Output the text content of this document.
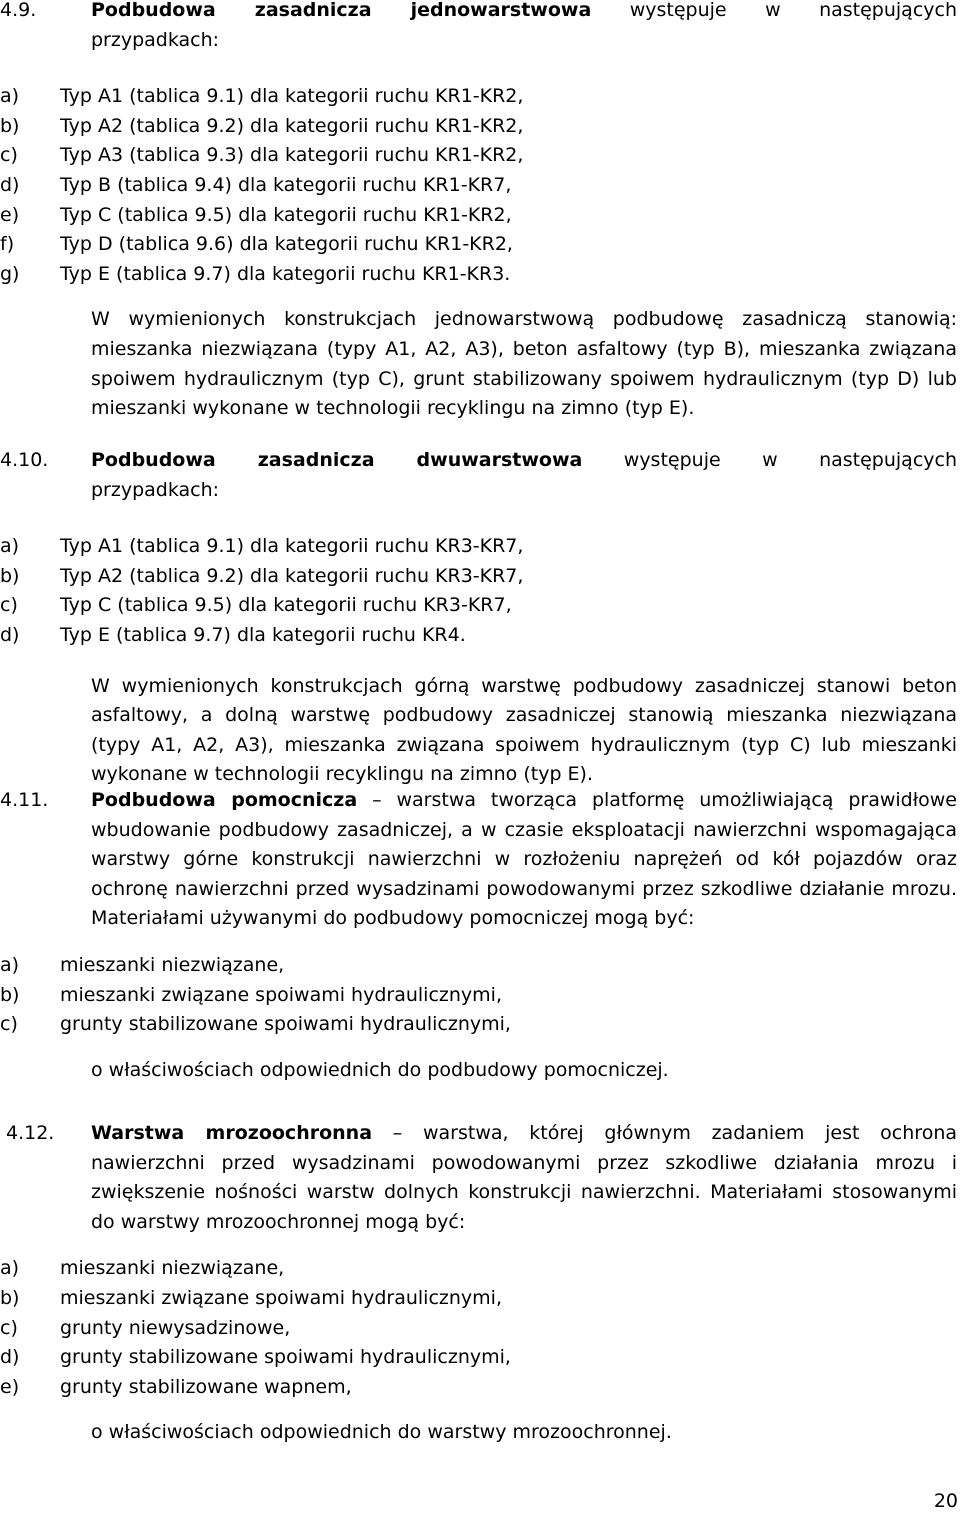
4.9.	Podbudowa zasadnicza jednowarstwowa występuje w następujących przypadkach:
a) Typ A1 (tablica 9.1) dla kategorii ruchu KR1-KR2,
b) Typ A2 (tablica 9.2) dla kategorii ruchu KR1-KR2,
c) Typ A3 (tablica 9.3) dla kategorii ruchu KR1-KR2,
d) Typ B (tablica 9.4) dla kategorii ruchu KR1-KR7,
e) Typ C (tablica 9.5) dla kategorii ruchu KR1-KR2,
f) Typ D (tablica 9.6) dla kategorii ruchu KR1-KR2,
g) Typ E (tablica 9.7) dla kategorii ruchu KR1-KR3.
W wymienionych konstrukcjach jednowarstwową podbudowę zasadniczą stanowią: mieszanka niezwiązana (typy A1, A2, A3), beton asfaltowy (typ B), mieszanka związana spoiwem hydraulicznym (typ C), grunt stabilizowany spoiwem hydraulicznym (typ D) lub mieszanki wykonane w technologii recyklingu na zimno (typ E).
4.10. Podbudowa zasadnicza dwuwarstwowa występuje w następujących przypadkach:
a) Typ A1 (tablica 9.1) dla kategorii ruchu KR3-KR7,
b) Typ A2 (tablica 9.2) dla kategorii ruchu KR3-KR7,
c) Typ C (tablica 9.5) dla kategorii ruchu KR3-KR7,
d) Typ E (tablica 9.7) dla kategorii ruchu KR4.
W wymienionych konstrukcjach górną warstwę podbudowy zasadniczej stanowi beton asfaltowy, a dolną warstwę podbudowy zasadniczej stanowią mieszanka niezwiązana (typy A1, A2, A3), mieszanka związana spoiwem hydraulicznym (typ C) lub mieszanki wykonane w technologii recyklingu na zimno (typ E).
4.11. Podbudowa pomocnicza – warstwa tworząca platformę umożliwiającą prawidłowe wbudowanie podbudowy zasadniczej, a w czasie eksploatacji nawierzchni wspomagająca warstwy górne konstrukcji nawierzchni w rozłożeniu naprężeń od kół pojazdów oraz ochronę nawierzchni przed wysadzinami powodowanymi przez szkodliwe działanie mrozu. Materiałami używanymi do podbudowy pomocniczej mogą być:
a) mieszanki niezwiązane,
b) mieszanki związane spoiwami hydraulicznymi,
c) grunty stabilizowane spoiwami hydraulicznymi,
o właściwościach odpowiednich do podbudowy pomocniczej.
4.12. Warstwa mrozoochronna – warstwa, której głównym zadaniem jest ochrona nawierzchni przed wysadzinami powodowanymi przez szkodliwe działania mrozu i zwiększenie nośności warstw dolnych konstrukcji nawierzchni. Materiałami stosowanymi do warstwy mrozoochronnej mogą być:
a) mieszanki niezwiązane,
b) mieszanki związane spoiwami hydraulicznymi,
c) grunty niewysadzinowe,
d) grunty stabilizowane spoiwami hydraulicznymi,
e) grunty stabilizowane wapnem,
o właściwościach odpowiednich do warstwy mrozoochronnej.
20
